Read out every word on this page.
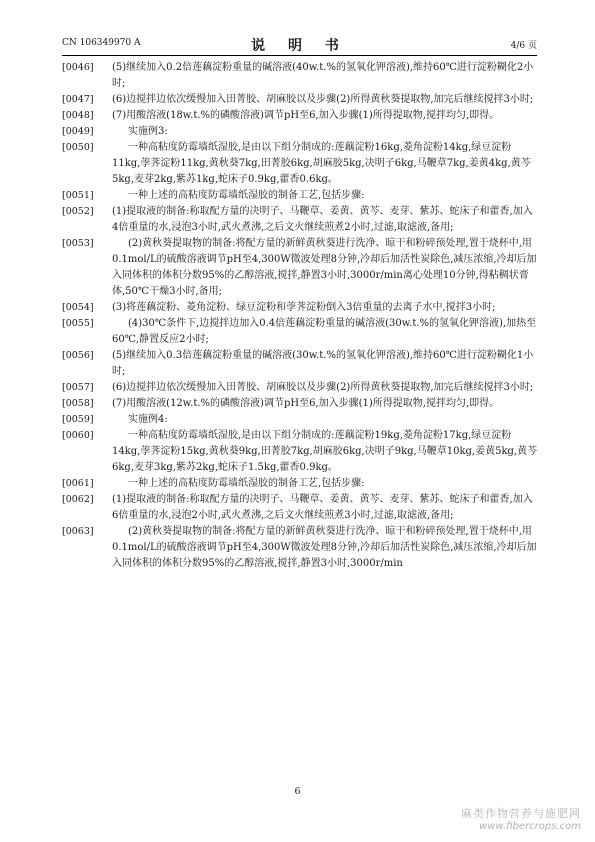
CN 106349970 A	说 明 书	4/6 页
[0046]	(5)继续加入0.2倍莲藕淀粉重量的碱溶液(40w.t.%的氢氧化钾溶液),维持60℃进行淀粉糊化2小时;
[0047]	(6)边搅拌边依次缓慢加入田菁胶、胡麻胶以及步骤(2)所得黄秋葵提取物,加完后继续搅拌3小时;
[0048]	(7)用酸溶液(18w.t.%的磷酸溶液)调节pH至6,加入步骤(1)所得提取物,搅拌均匀,即得。
[0049]	实施例3:
[0050]	一种高粘度防霉墙纸湿胶,是由以下组分制成的:莲藕淀粉16kg,菱角淀粉14kg,绿豆淀粉11kg,荸荠淀粉11kg,黄秋葵7kg,田菁胶6kg,胡麻胶5kg,决明子6kg,马鞭草7kg,姜黄4kg,黄芩5kg,麦芽2kg,紫苏1kg,蛇床子0.9kg,藿香0.6kg。
[0051]	一种上述的高粘度防霉墙纸湿胶的制备工艺,包括步骤:
[0052]	(1)提取液的制备:称取配方量的决明子、马鞭草、姜黄、黄芩、麦芽、紫苏、蛇床子和藿香,加入4倍重量的水,浸泡3小时,武火煮沸,之后文火继续煎煮2小时,过滤,取滤液,备用;
[0053]	(2)黄秋葵提取物的制备:将配方量的新鲜黄秋葵进行洗净、晾干和粉碎预处理,置于烧杯中,用0.1mol/L的硫酸溶液调节pH至4,300W微波处理8分钟,冷却后加活性炭除色,减压浓缩,冷却后加入同体积的体积分数95%的乙醇溶液,搅拌,静置3小时,3000r/min离心处理10分钟,得粘稠状膏体,50℃干燥3小时,备用;
[0054]	(3)将莲藕淀粉、菱角淀粉、绿豆淀粉和荸荠淀粉倒入3倍重量的去离子水中,搅拌3小时;
[0055]	(4)30℃条件下,边搅拌边加入0.4倍莲藕淀粉重量的碱溶液(30w.t.%的氢氧化钾溶液),加热至60℃,静置反应2小时;
[0056]	(5)继续加入0.3倍莲藕淀粉重量的碱溶液(30w.t.%的氢氧化钾溶液),维持60℃进行淀粉糊化1小时;
[0057]	(6)边搅拌边依次缓慢加入田菁胶、胡麻胶以及步骤(2)所得黄秋葵提取物,加完后继续搅拌3小时;
[0058]	(7)用酸溶液(12w.t.%的磷酸溶液)调节pH至6,加入步骤(1)所得提取物,搅拌均匀,即得。
[0059]	实施例4:
[0060]	一种高粘度防霉墙纸湿胶,是由以下组分制成的:莲藕淀粉19kg,菱角淀粉17kg,绿豆淀粉14kg,荸荠淀粉15kg,黄秋葵9kg,田菁胶7kg,胡麻胶6kg,决明子9kg,马鞭草10kg,姜黄5kg,黄芩6kg,麦芽3kg,紫苏2kg,蛇床子1.5kg,藿香0.9kg。
[0061]	一种上述的高粘度防霉墙纸湿胶的制备工艺,包括步骤:
[0062]	(1)提取液的制备:称取配方量的决明子、马鞭草、姜黄、黄芩、麦芽、紫苏、蛇床子和藿香,加入6倍重量的水,浸泡2小时,武火煮沸,之后文火继续煎煮3小时,过滤,取滤液,备用;
[0063]	(2)黄秋葵提取物的制备:将配方量的新鲜黄秋葵进行洗净、晾干和粉碎预处理,置于烧杯中,用0.1mol/L的硫酸溶液调节pH至4,300W微波处理8分钟,冷却后加活性炭除色,减压浓缩,冷却后加入同体积的体积分数95%的乙醇溶液,搅拌,静置3小时,3000r/min
6
麻类作物营养与施肥网
www.fibercrops.com
